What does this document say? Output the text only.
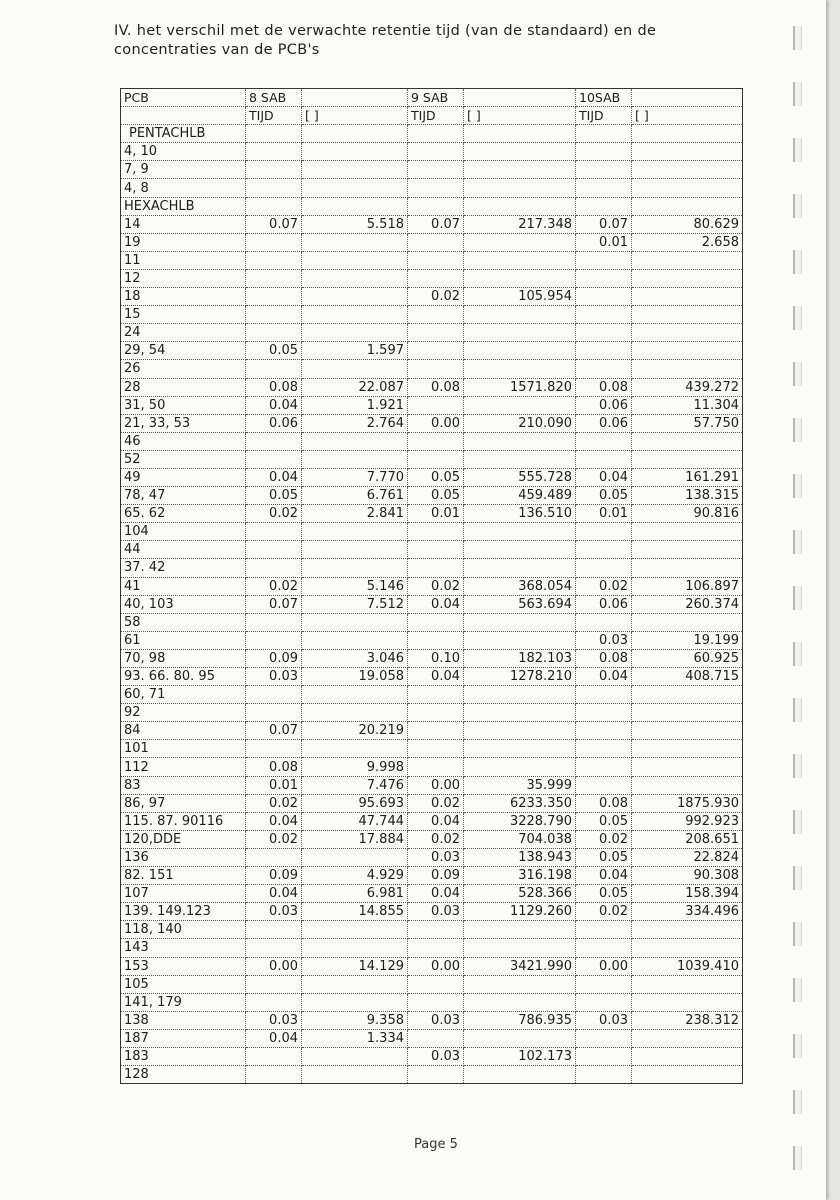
IV. het verschil met de verwachte retentie tijd (van de standaard) en de
concentraties van de PCB's
PCB	8 SAB		9 SAB		10SAB	
	TIJD	[ ]	TIJD	[ ]	TIJD	[ ]
PENTACHLB						
4, 10						
7, 9						
4, 8						
HEXACHLB						
14	0.07	5.518	0.07	217.348	0.07	80.629
19					0.01	2.658
11						
12						
18			0.02	105.954		
15						
24						
29, 54	0.05	1.597				
26						
28	0.08	22.087	0.08	1571.820	0.08	439.272
31, 50	0.04	1.921			0.06	11.304
21, 33, 53	0.06	2.764	0.00	210.090	0.06	57.750
46						
52						
49	0.04	7.770	0.05	555.728	0.04	161.291
78, 47	0.05	6.761	0.05	459.489	0.05	138.315
65. 62	0.02	2.841	0.01	136.510	0.01	90.816
104						
44						
37. 42						
41	0.02	5.146	0.02	368.054	0.02	106.897
40, 103	0.07	7.512	0.04	563.694	0.06	260.374
58						
61					0.03	19.199
70, 98	0.09	3.046	0.10	182.103	0.08	60.925
93. 66. 80. 95	0.03	19.058	0.04	1278.210	0.04	408.715
60, 71						
92						
84	0.07	20.219				
101						
112	0.08	9.998				
83	0.01	7.476	0.00	35.999		
86, 97	0.02	95.693	0.02	6233.350	0.08	1875.930
115. 87. 90116	0.04	47.744	0.04	3228.790	0.05	992.923
120,DDE	0.02	17.884	0.02	704.038	0.02	208.651
136			0.03	138.943	0.05	22.824
82. 151	0.09	4.929	0.09	316.198	0.04	90.308
107	0.04	6.981	0.04	528.366	0.05	158.394
139. 149.123	0.03	14.855	0.03	1129.260	0.02	334.496
118, 140						
143						
153	0.00	14.129	0.00	3421.990	0.00	1039.410
105						
141, 179						
138	0.03	9.358	0.03	786.935	0.03	238.312
187	0.04	1.334				
183			0.03	102.173		
128						
Page 5
